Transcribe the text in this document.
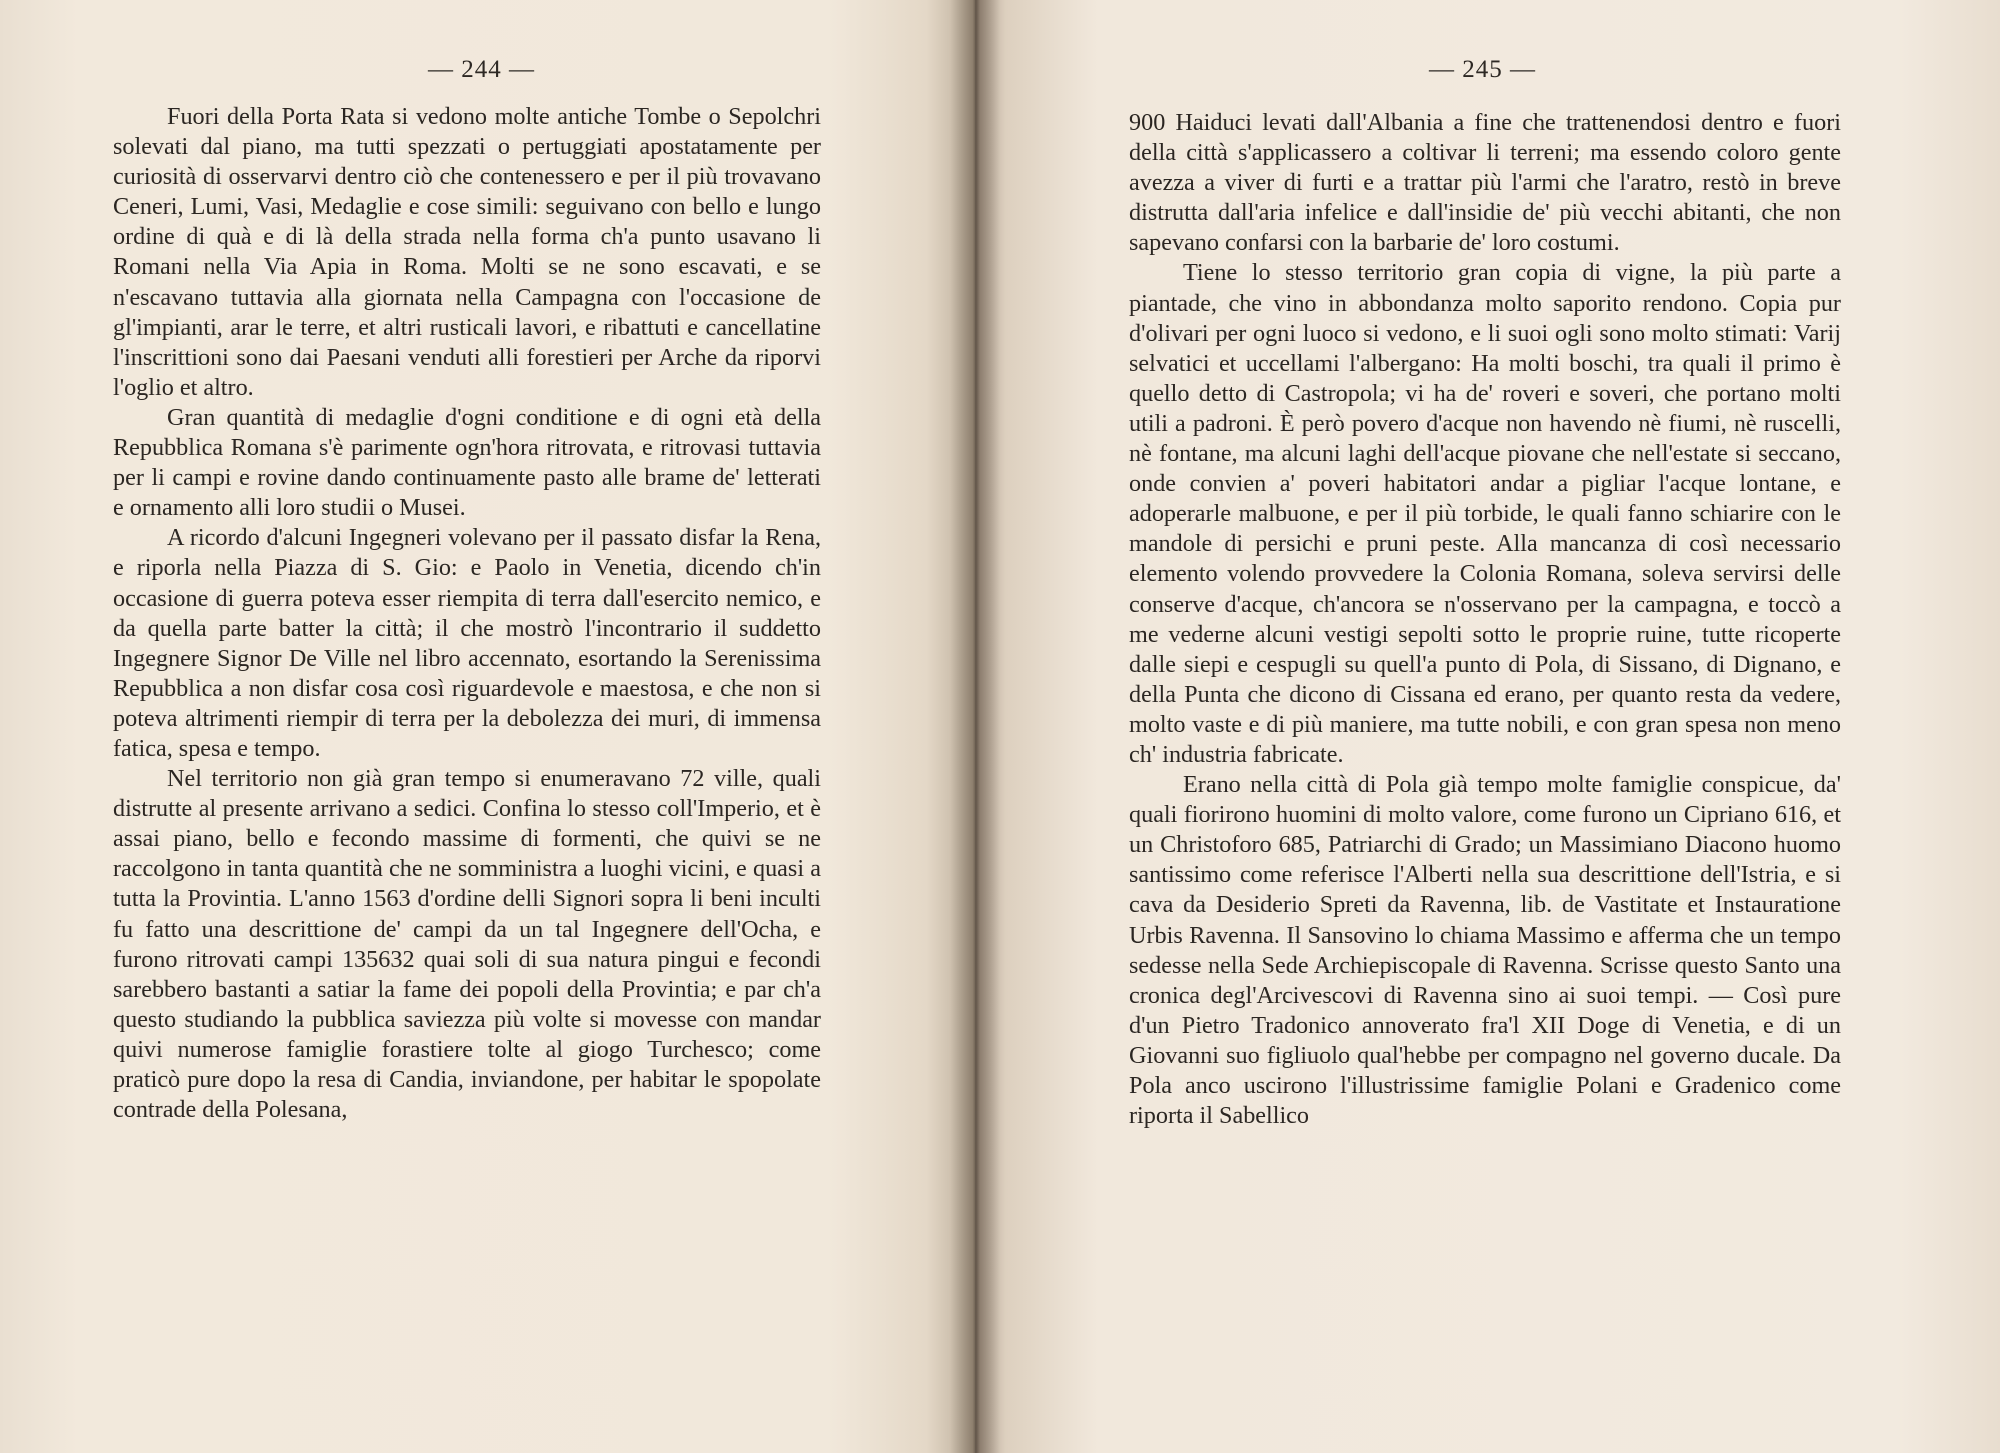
— 244 —

Fuori della Porta Rata si vedono molte antiche Tombe o Sepolchri solevati dal piano, ma tutti spezzati o pertuggiati apostatamente per curiosità di osservarvi dentro ciò che contenessero e per il più trovavano Ceneri, Lumi, Vasi, Medaglie e cose simili: seguivano con bello e lungo ordine di quà e di là della strada nella forma ch'a punto usavano li Romani nella Via Apia in Roma. Molti se ne sono escavati, e se n'escavano tuttavia alla giornata nella Campagna con l'occasione de gl'impianti, arar le terre, et altri rusticali lavori, e ribattuti e cancellatine l'inscrittioni sono dai Paesani venduti alli forestieri per Arche da riporvi l'oglio et altro.

Gran quantità di medaglie d'ogni conditione e di ogni età della Repubblica Romana s'è parimente ogn'hora ritrovata, e ritrovasi tuttavia per li campi e rovine dando continuamente pasto alle brame de' letterati e ornamento alli loro studii o Musei.

A ricordo d'alcuni Ingegneri volevano per il passato disfar la Rena, e riporla nella Piazza di S. Gio: e Paolo in Venetia, dicendo ch'in occasione di guerra poteva esser riempita di terra dall'esercito nemico, e da quella parte batter la città; il che mostrò l'incontrario il suddetto Ingegnere Signor De Ville nel libro accennato, esortando la Serenissima Repubblica a non disfar cosa così riguardevole e maestosa, e che non si poteva altrimenti riempir di terra per la debolezza dei muri, di immensa fatica, spesa e tempo.

Nel territorio non già gran tempo si enumeravano 72 ville, quali distrutte al presente arrivano a sedici. Confina lo stesso coll'Imperio, et è assai piano, bello e fecondo massime di formenti, che quivi se ne raccolgono in tanta quantità che ne somministra a luoghi vicini, e quasi a tutta la Provintia. L'anno 1563 d'ordine delli Signori sopra li beni inculti fu fatto una descrittione de' campi da un tal Ingegnere dell'Ocha, e furono ritrovati campi 135632 quai soli di sua natura pingui e fecondi sarebbero bastanti a satiar la fame dei popoli della Provintia; e par ch'a questo studiando la pubblica saviezza più volte si movesse con mandar quivi numerose famiglie forastiere tolte al giogo Turchesco; come praticò pure dopo la resa di Candia, inviandone, per habitar le spopolate contrade della Polesana,

— 245 —

900 Haiduci levati dall'Albania a fine che trattenendosi dentro e fuori della città s'applicassero a coltivar li terreni; ma essendo coloro gente avezza a viver di furti e a trattar più l'armi che l'aratro, restò in breve distrutta dall'aria infelice e dall'insidie de' più vecchi abitanti, che non sapevano confarsi con la barbarie de' loro costumi.

Tiene lo stesso territorio gran copia di vigne, la più parte a piantade, che vino in abbondanza molto saporito rendono. Copia pur d'olivari per ogni luoco si vedono, e li suoi ogli sono molto stimati: Varij selvatici et uccellami l'albergano: Ha molti boschi, tra quali il primo è quello detto di Castropola; vi ha de' roveri e soveri, che portano molti utili a padroni. È però povero d'acque non havendo nè fiumi, nè ruscelli, nè fontane, ma alcuni laghi dell'acque piovane che nell'estate si seccano, onde convien a' poveri habitatori andar a pigliar l'acque lontane, e adoperarle malbuone, e per il più torbide, le quali fanno schiarire con le mandole di persichi e pruni peste. Alla mancanza di così necessario elemento volendo provvedere la Colonia Romana, soleva servirsi delle conserve d'acque, ch'ancora se n'osservano per la campagna, e toccò a me vederne alcuni vestigi sepolti sotto le proprie ruine, tutte ricoperte dalle siepi e cespugli su quell'a punto di Pola, di Sissano, di Dignano, e della Punta che dicono di Cissana ed erano, per quanto resta da vedere, molto vaste e di più maniere, ma tutte nobili, e con gran spesa non meno ch' industria fabricate.

Erano nella città di Pola già tempo molte famiglie conspicue, da' quali fiorirono huomini di molto valore, come furono un Cipriano 616, et un Christoforo 685, Patriarchi di Grado; un Massimiano Diacono huomo santissimo come referisce l'Alberti nella sua descrittione dell'Istria, e si cava da Desiderio Spreti da Ravenna, lib. de Vastitate et Instauratione Urbis Ravenna. Il Sansovino lo chiama Massimo e afferma che un tempo sedesse nella Sede Archiepiscopale di Ravenna. Scrisse questo Santo una cronica degl'Arcivescovi di Ravenna sino ai suoi tempi. — Così pure d'un Pietro Tradonico annoverato fra'l XII Doge di Venetia, e di un Giovanni suo figliuolo qual'hebbe per compagno nel governo ducale. Da Pola anco uscirono l'illustrissime famiglie Polani e Gradenico come riporta il Sabellico
